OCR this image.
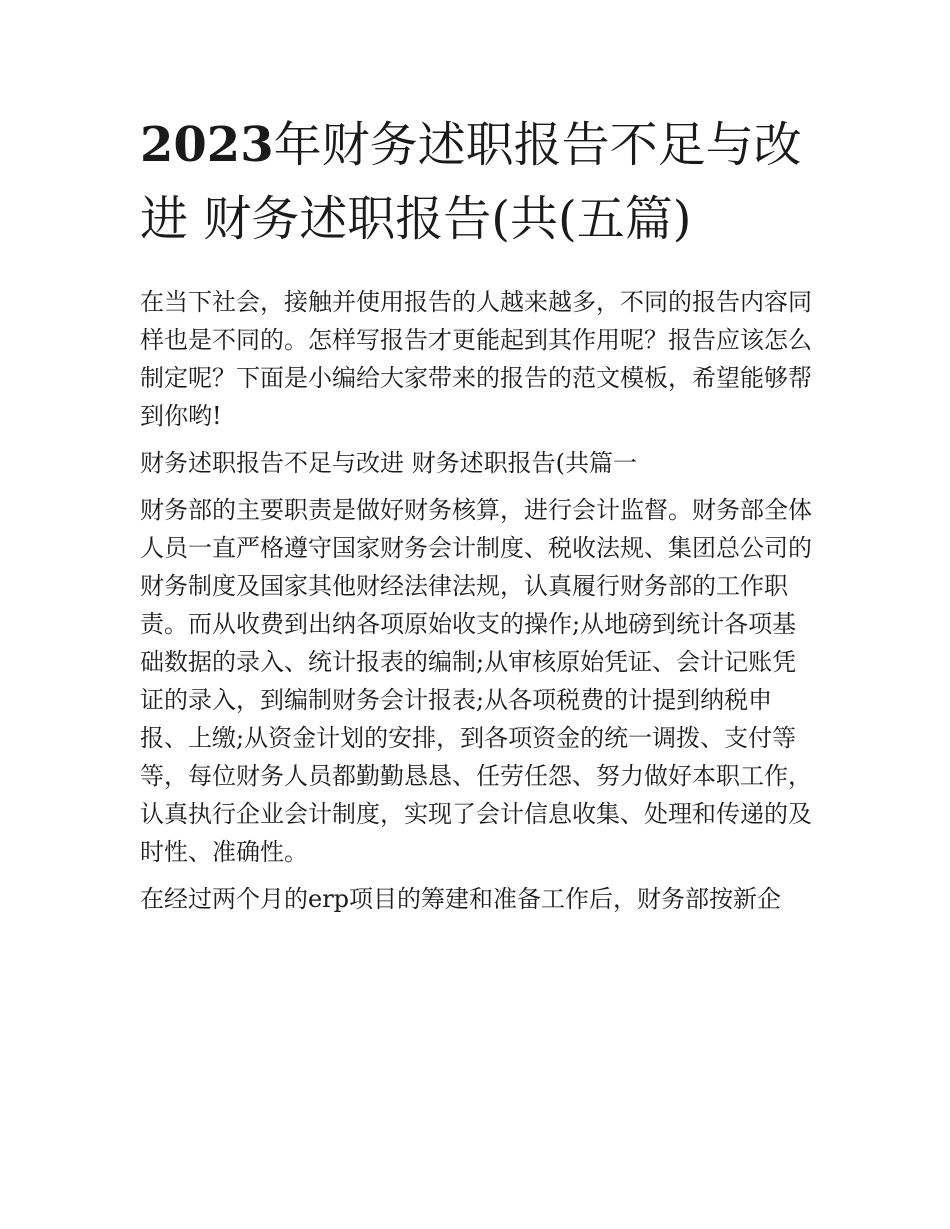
2023年财务述职报告不足与改进 财务述职报告(共(五篇)

在当下社会，接触并使用报告的人越来越多，不同的报告内容同样也是不同的。怎样写报告才更能起到其作用呢？报告应该怎么制定呢？下面是小编给大家带来的报告的范文模板，希望能够帮到你哟!

财务述职报告不足与改进 财务述职报告(共篇一

财务部的主要职责是做好财务核算，进行会计监督。财务部全体人员一直严格遵守国家财务会计制度、税收法规、集团总公司的财务制度及国家其他财经法律法规，认真履行财务部的工作职责。而从收费到出纳各项原始收支的操作;从地磅到统计各项基础数据的录入、统计报表的编制;从审核原始凭证、会计记账凭证的录入，到编制财务会计报表;从各项税费的计提到纳税申报、上缴;从资金计划的安排，到各项资金的统一调拨、支付等等，每位财务人员都勤勤恳恳、任劳任怨、努力做好本职工作，认真执行企业会计制度，实现了会计信息收集、处理和传递的及时性、准确性。

在经过两个月的erp项目的筹建和准备工作后，财务部按新企
